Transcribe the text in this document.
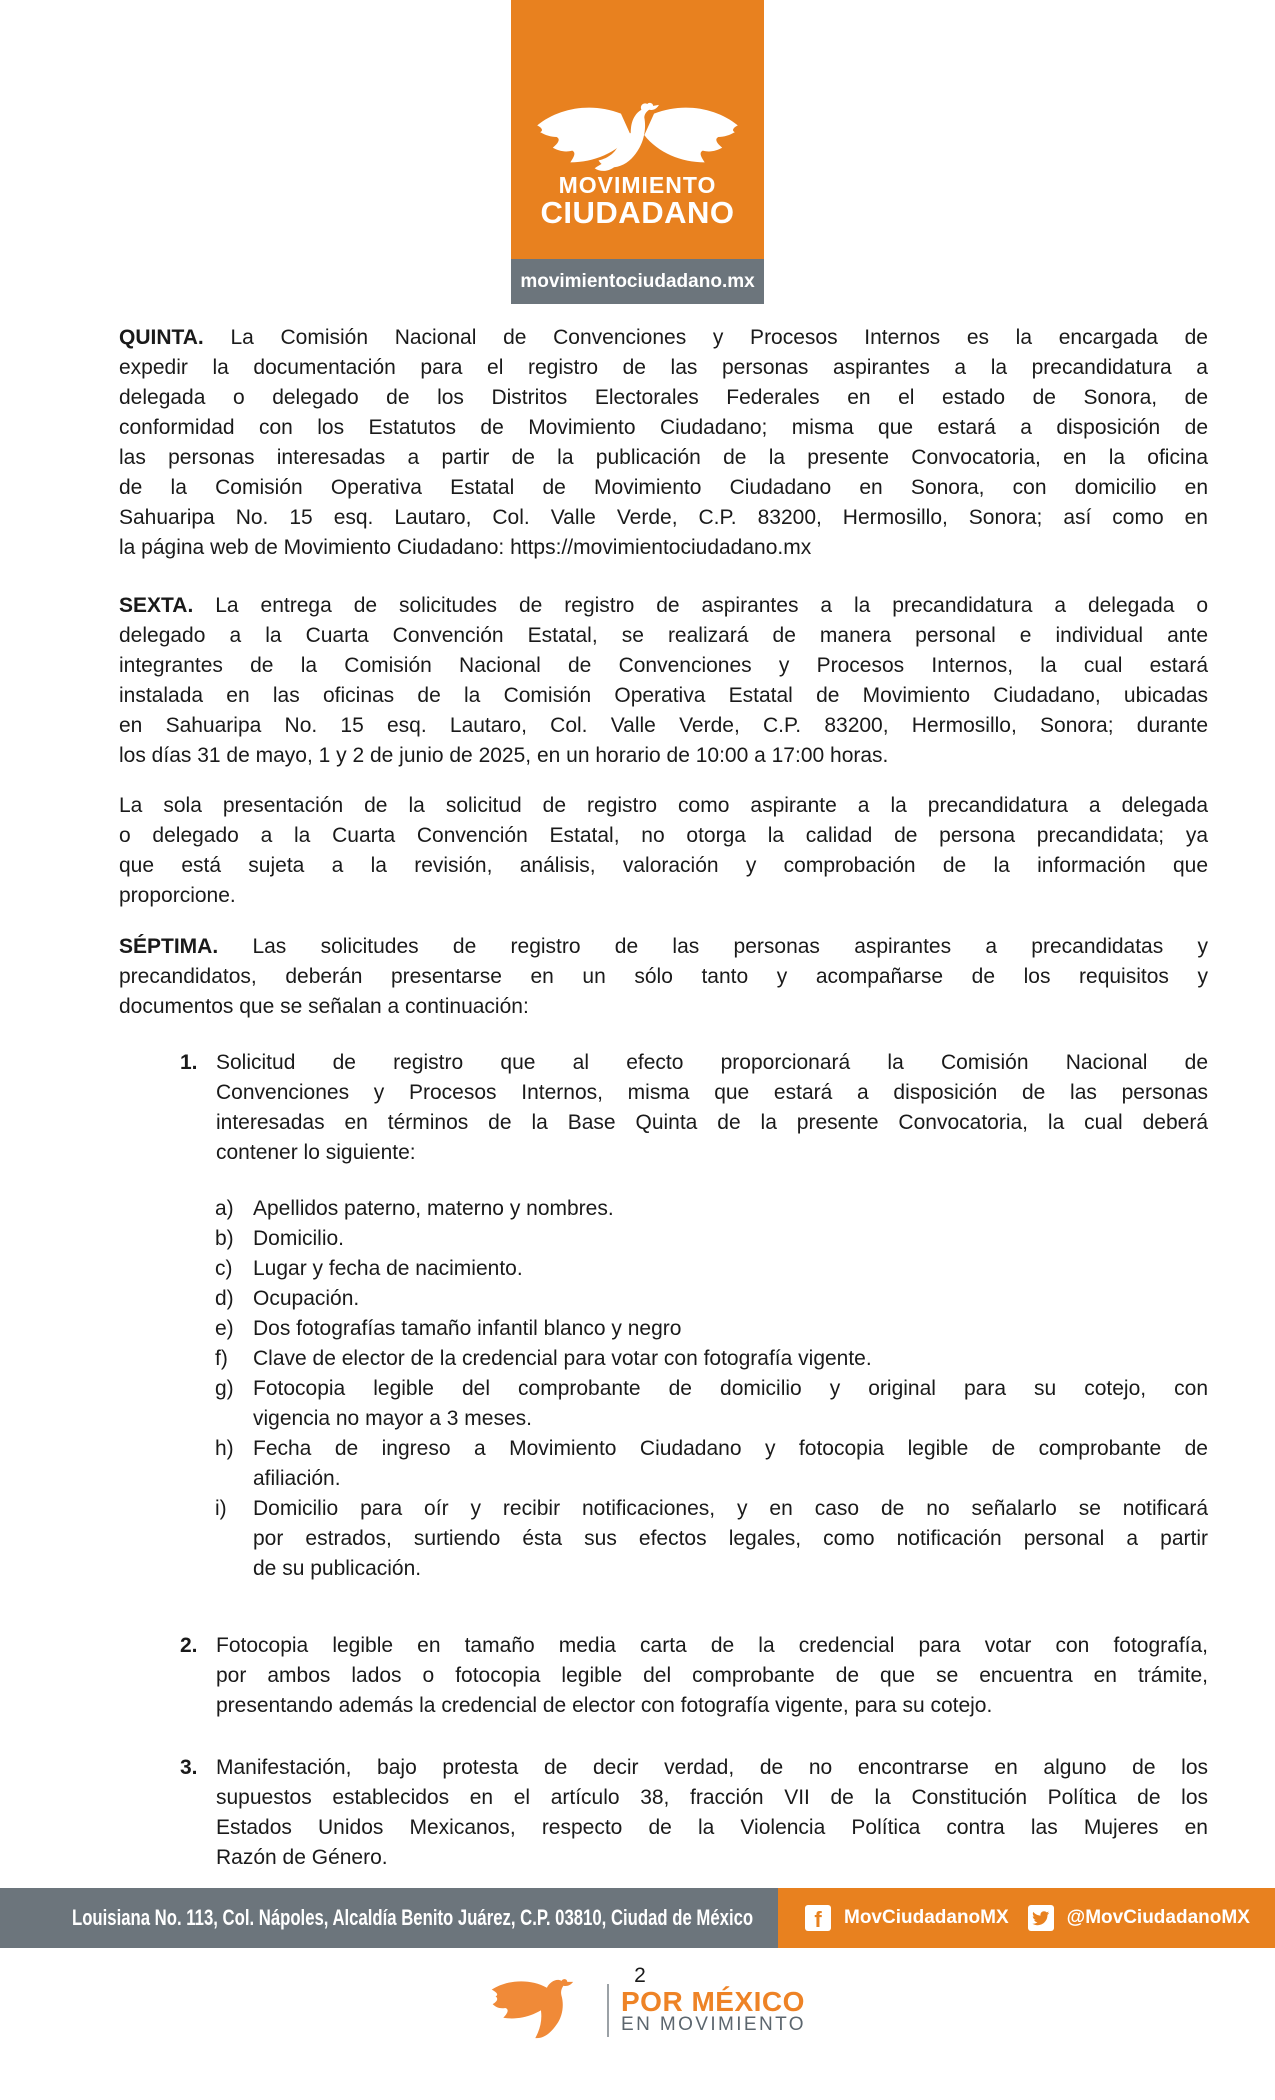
MOVIMIENTO
CIUDADANO
movimientociudadano.mx
QUINTA. La Comisión Nacional de Convenciones y Procesos Internos es la encargada de
expedir la documentación para el registro de las personas aspirantes a la precandidatura a
delegada o delegado de los Distritos Electorales Federales en el estado de Sonora, de
conformidad con los Estatutos de Movimiento Ciudadano; misma que estará a disposición de
las personas interesadas a partir de la publicación de la presente Convocatoria, en la oficina
de la Comisión Operativa Estatal de Movimiento Ciudadano en Sonora, con domicilio en
Sahuaripa No. 15 esq. Lautaro, Col. Valle Verde, C.P. 83200, Hermosillo, Sonora; así como en
la página web de Movimiento Ciudadano: https://movimientociudadano.mx
SEXTA. La entrega de solicitudes de registro de aspirantes a la precandidatura a delegada o
delegado a la Cuarta Convención Estatal, se realizará de manera personal e individual ante
integrantes de la Comisión Nacional de Convenciones y Procesos Internos, la cual estará
instalada en las oficinas de la Comisión Operativa Estatal de Movimiento Ciudadano, ubicadas
en Sahuaripa No. 15 esq. Lautaro, Col. Valle Verde, C.P. 83200, Hermosillo, Sonora; durante
los días 31 de mayo, 1 y 2 de junio de 2025, en un horario de 10:00 a 17:00 horas.
La sola presentación de la solicitud de registro como aspirante a la precandidatura a delegada
o delegado a la Cuarta Convención Estatal, no otorga la calidad de persona precandidata; ya
que está sujeta a la revisión, análisis, valoración y comprobación de la información que
proporcione.
SÉPTIMA. Las solicitudes de registro de las personas aspirantes a precandidatas y
precandidatos, deberán presentarse en un sólo tanto y acompañarse de los requisitos y
documentos que se señalan a continuación:
1. Solicitud de registro que al efecto proporcionará la Comisión Nacional de
Convenciones y Procesos Internos, misma que estará a disposición de las personas
interesadas en términos de la Base Quinta de la presente Convocatoria, la cual deberá
contener lo siguiente:
a) Apellidos paterno, materno y nombres.
b) Domicilio.
c) Lugar y fecha de nacimiento.
d) Ocupación.
e) Dos fotografías tamaño infantil blanco y negro
f)	Clave de elector de la credencial para votar con fotografía vigente.
g) Fotocopia legible del comprobante de domicilio y original para su cotejo, con
vigencia no mayor a 3 meses.
h) Fecha de ingreso a Movimiento Ciudadano y fotocopia legible de comprobante de
afiliación.
i)	Domicilio para oír y recibir notificaciones, y en caso de no señalarlo se notificará
por estrados, surtiendo ésta sus efectos legales, como notificación personal a partir
de su publicación.
2. Fotocopia legible en tamaño media carta de la credencial para votar con fotografía,
por ambos lados o fotocopia legible del comprobante de que se encuentra en trámite,
presentando además la credencial de elector con fotografía vigente, para su cotejo.
3. Manifestación, bajo protesta de decir verdad, de no encontrarse en alguno de los
supuestos establecidos en el artículo 38, fracción VII de la Constitución Política de los
Estados Unidos Mexicanos, respecto de la Violencia Política contra las Mujeres en
Razón de Género.
Louisiana No. 113, Col. Nápoles, Alcaldía Benito Juárez, C.P. 03810, Ciudad de México	f MovCiudadanoMX	@MovCiudadanoMX
2
POR MÉXICO
EN MOVIMIENTO
